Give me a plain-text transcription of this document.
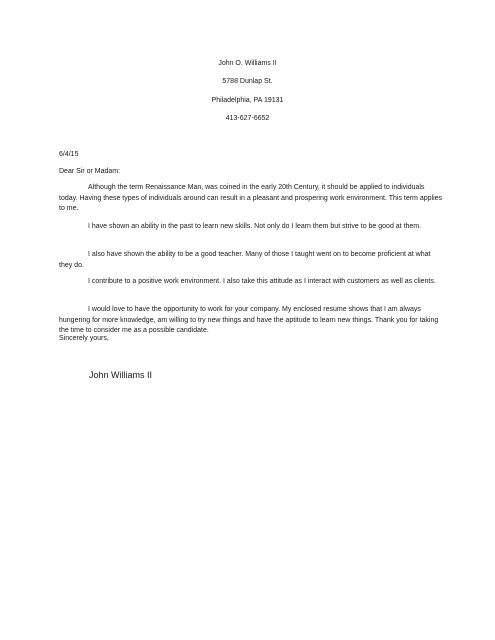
John O. Williams II
5788 Dunlap St.
Philadelphia, PA 19131
413-627-6652
6/4/15
Dear Sir or Madam:

Although the term Renaissance Man, was coined in the early 20th Century, it should be applied to individuals today. Having these types of individuals around can result in a pleasant and prospering work environment. This term applies to me.

I have shown an ability in the past to learn new skills. Not only do I learn them but strive to be good at them.

I also have shown the ability to be a good teacher. Many of those I taught went on to become proficient at what they do.

I contribute to a positive work environment. I also take this attitude as I interact with customers as well as clients.

I would love to have the opportunity to work for your company. My enclosed resume shows that I am always hungering for more knowledge, am willing to try new things and have the aptitude to learn new things. Thank you for taking the time to consider me as a possible candidate.

Sincerely yours,
John Williams II
